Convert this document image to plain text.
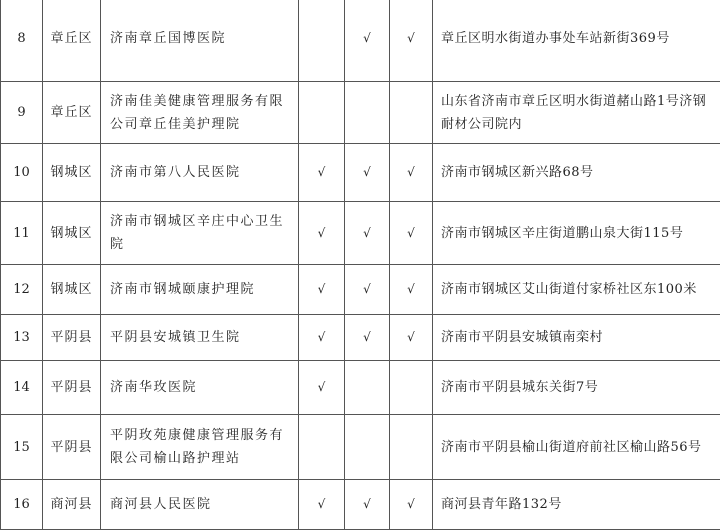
8	章丘区	济南章丘国博医院		√	√	章丘区明水街道办事处车站新街369号
9	章丘区	济南佳美健康管理服务有限公司章丘佳美护理院				山东省济南市章丘区明水街道赭山路1号济钢耐材公司院内
10	钢城区	济南市第八人民医院	√	√	√	济南市钢城区新兴路68号
11	钢城区	济南市钢城区辛庄中心卫生院	√	√	√	济南市钢城区辛庄街道鹏山泉大街115号
12	钢城区	济南市钢城颐康护理院	√	√	√	济南市钢城区艾山街道付家桥社区东100米
13	平阴县	平阴县安城镇卫生院	√	√	√	济南市平阴县安城镇南栾村
14	平阴县	济南华玫医院	√			济南市平阴县城东关街7号
15	平阴县	平阴玫苑康健康管理服务有限公司榆山路护理站				济南市平阴县榆山街道府前社区榆山路56号
16	商河县	商河县人民医院	√	√	√	商河县青年路132号
